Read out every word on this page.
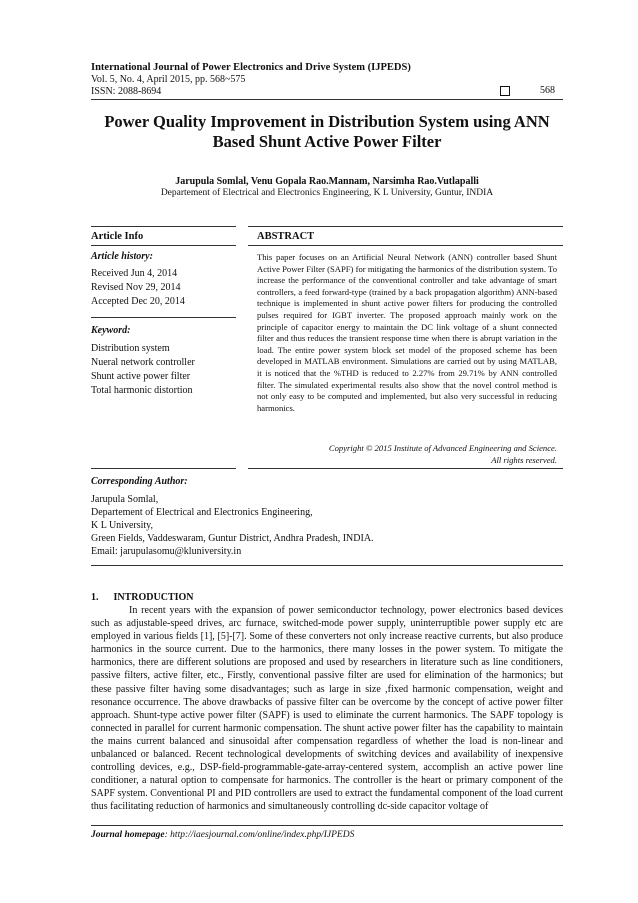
International Journal of Power Electronics and Drive System (IJPEDS)
Vol. 5, No. 4, April 2015, pp. 568~575
ISSN: 2088-8694	568
Power Quality Improvement in Distribution System using ANN
Based Shunt Active Power Filter
Jarupula Somlal, Venu Gopala Rao.Mannam, Narsimha Rao.Vutlapalli
Departement of Electrical and Electronics Engineering, K L University, Guntur, INDIA
Article Info	ABSTRACT
Article history:
Received Jun 4, 2014
Revised Nov 29, 2014
Accepted Dec 20, 2014
Keyword:
Distribution system
Nueral network controller
Shunt active power filter
Total harmonic distortion
This paper focuses on an Artificial Neural Network (ANN) controller based Shunt Active Power Filter (SAPF) for mitigating the harmonics of the distribution system. To increase the performance of the conventional controller and take advantage of smart controllers, a feed forward-type (trained by a back propagation algorithm) ANN-based technique is implemented in shunt active power filters for producing the controlled pulses required for IGBT inverter. The proposed approach mainly work on the principle of capacitor energy to maintain the DC link voltage of a shunt connected filter and thus reduces the transient response time when there is abrupt variation in the load. The entire power system block set model of the proposed scheme has been developed in MATLAB environment. Simulations are carried out by using MATLAB, it is noticed that the %THD is reduced to 2.27% from 29.71% by ANN controlled filter. The simulated experimental results also show that the novel control method is not only easy to be computed and implemented, but also very successful in reducing harmonics.
Copyright © 2015 Institute of Advanced Engineering and Science.
All rights reserved.
Corresponding Author:
Jarupula Somlal,
Departement of Electrical and Electronics Engineering,
K L University,
Green Fields, Vaddeswaram, Guntur District, Andhra Pradesh, INDIA.
Email: jarupulasomu@kluniversity.in
1.      INTRODUCTION
In recent years with the expansion of power semiconductor technology, power electronics based devices such as adjustable-speed drives, arc furnace, switched-mode power supply, uninterruptible power supply etc are employed in various fields [1], [5]-[7]. Some of these converters not only increase reactive currents, but also produce harmonics in the source current. Due to the harmonics, there many losses in the power system. To mitigate the harmonics, there are different solutions are proposed and used by researchers in literature such as line conditioners, passive filters, active filter, etc., Firstly, conventional passive filter are used for elimination of the harmonics; but these passive filter having some disadvantages; such as large in size ,fixed harmonic compensation, weight and resonance occurrence. The above drawbacks of passive filter can be overcome by the concept of active power filter approach. Shunt-type active power filter (SAPF) is used to eliminate the current harmonics. The SAPF topology is connected in parallel for current harmonic compensation. The shunt active power filter has the capability to maintain the mains current balanced and sinusoidal after compensation regardless of whether the load is non-linear and unbalanced or balanced. Recent technological developments of switching devices and availability of inexpensive controlling devices, e.g., DSP-field-programmable-gate-array-centered system, accomplish an active power line conditioner, a natural option to compensate for harmonics. The controller is the heart or primary component of the SAPF system. Conventional PI and PID controllers are used to extract the fundamental component of the load current thus facilitating reduction of harmonics and simultaneously controlling dc-side capacitor voltage of
Journal homepage: http://iaesjournal.com/online/index.php/IJPEDS
